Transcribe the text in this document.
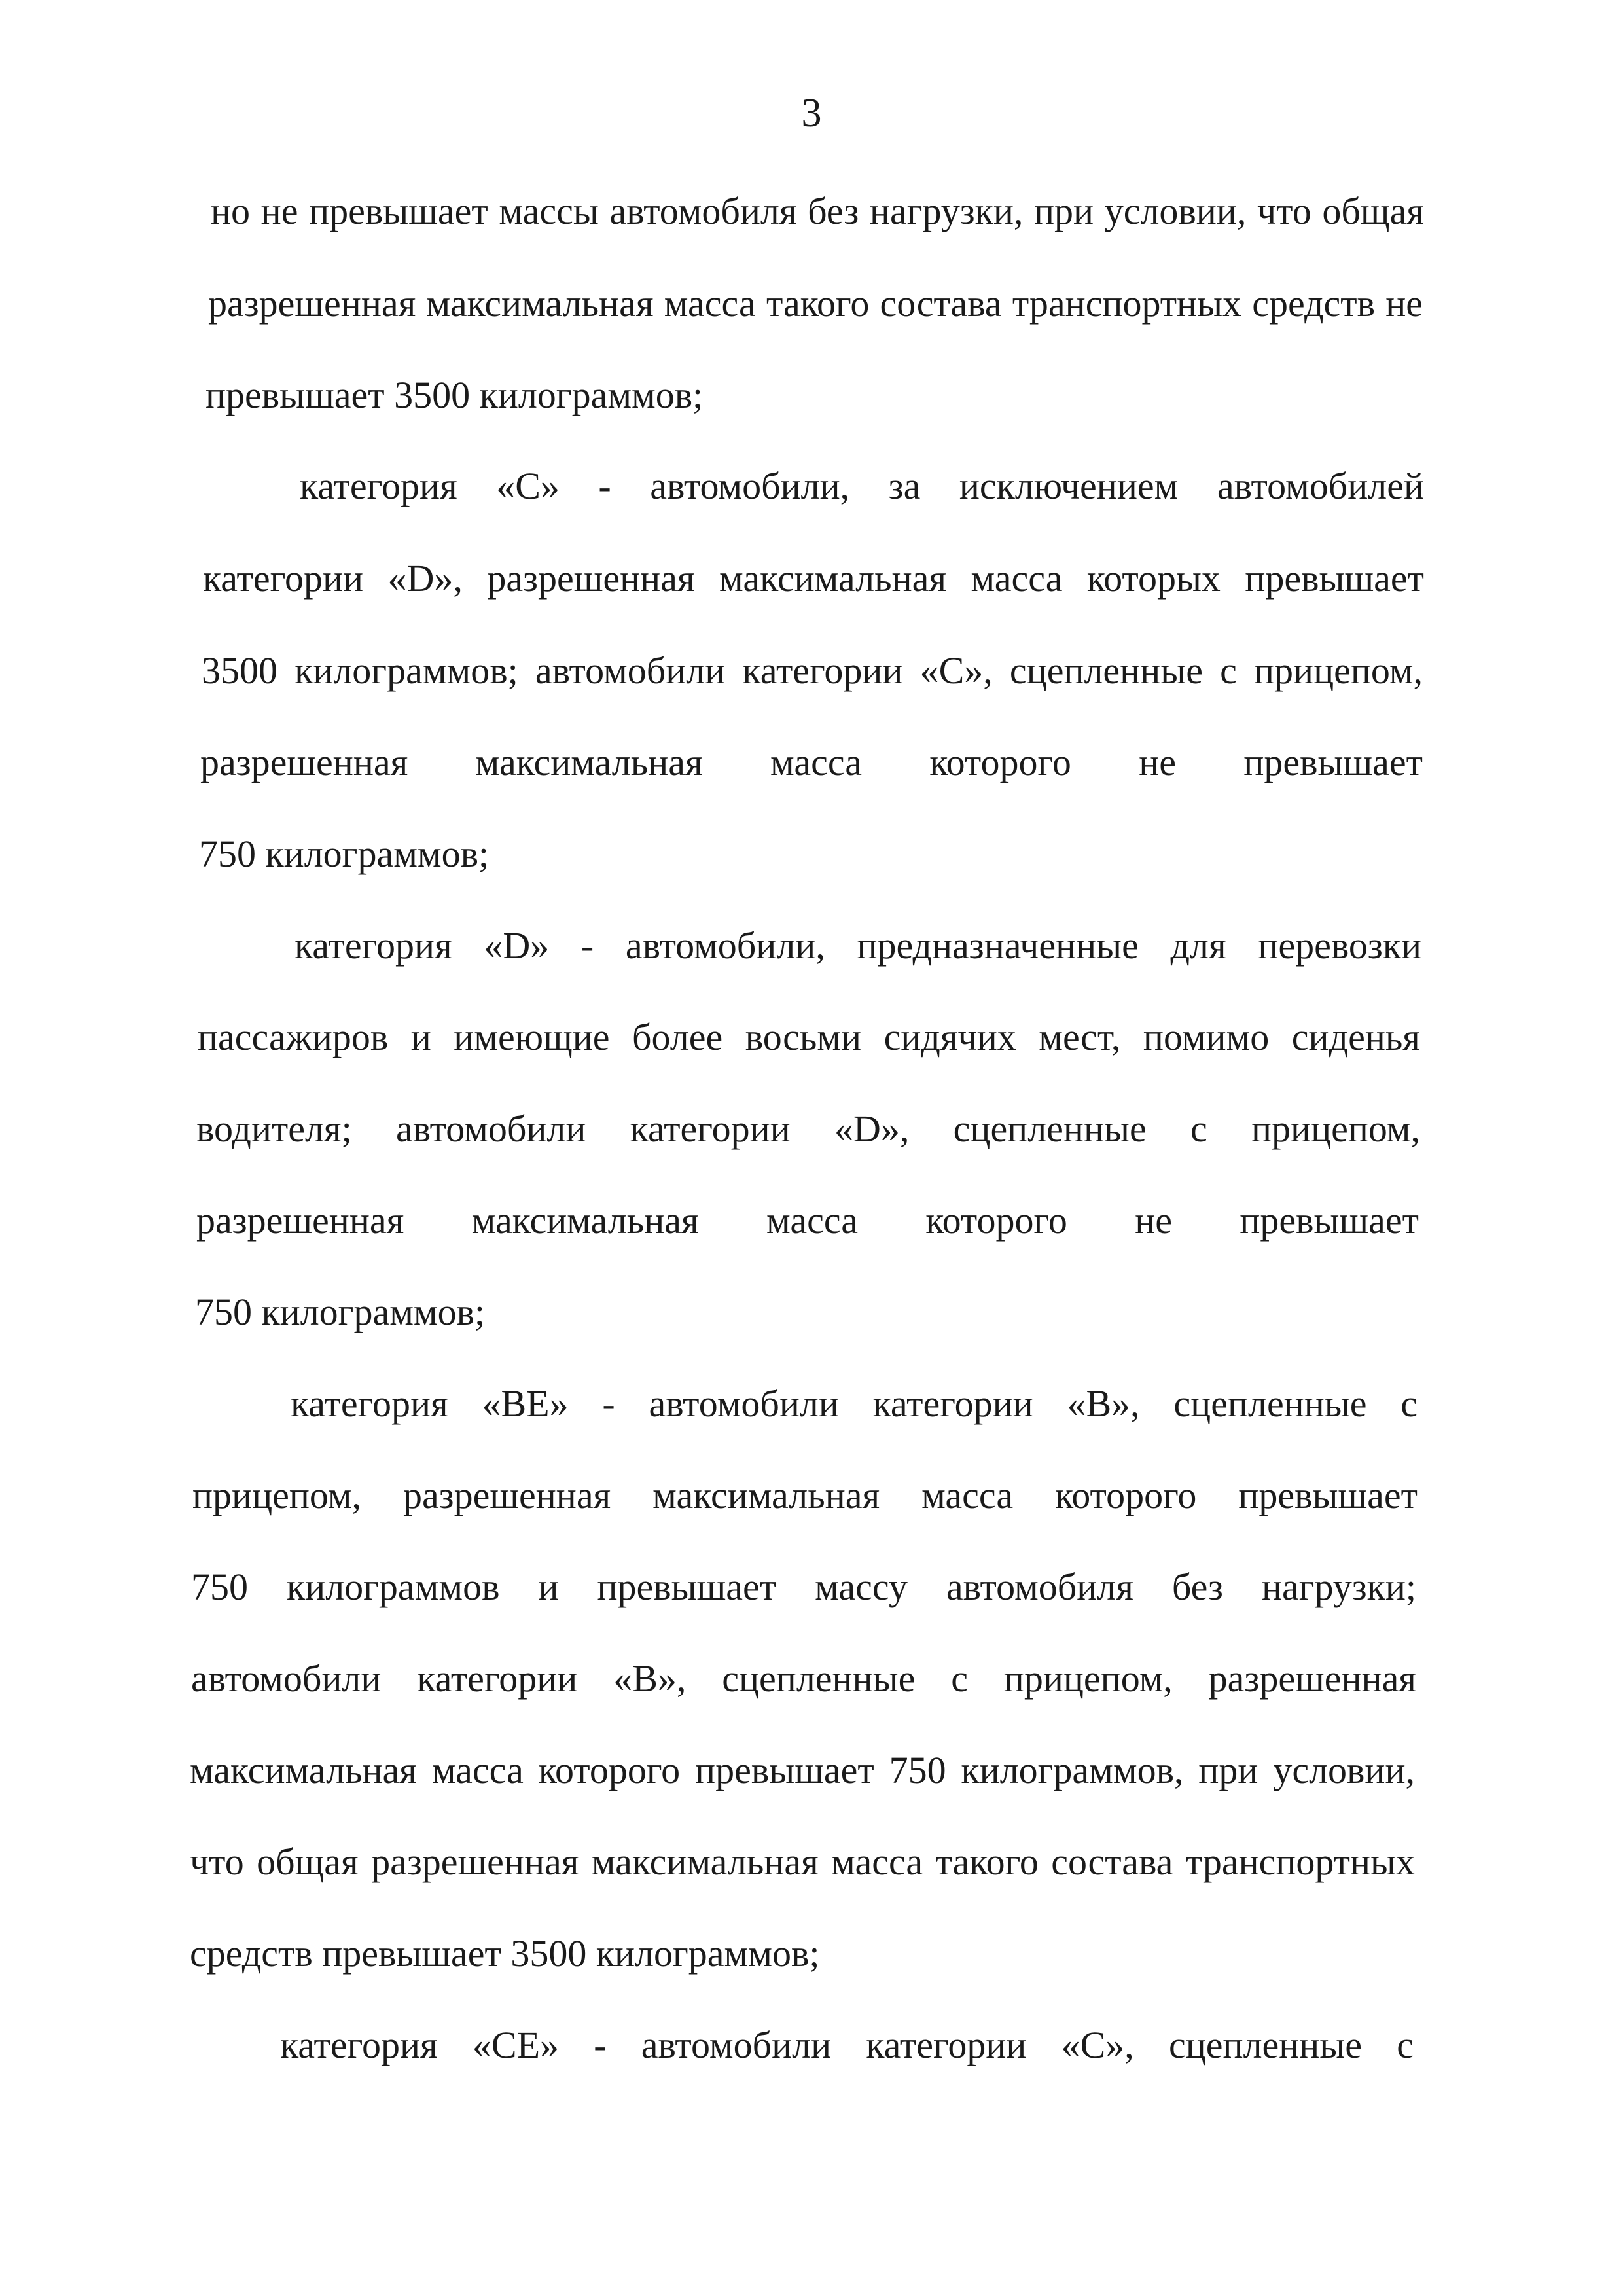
3

но не превышает массы автомобиля без нагрузки, при условии, что общая

разрешенная максимальная масса такого состава транспортных средств не

превышает 3500 килограммов;

категория «С» - автомобили, за исключением автомобилей

категории «D», разрешенная максимальная масса которых превышает

3500 килограммов; автомобили категории «С», сцепленные с прицепом,

разрешенная максимальная масса которого не превышает

750 килограммов;

категория «D» - автомобили, предназначенные для перевозки

пассажиров и имеющие более восьми сидячих мест, помимо сиденья

водителя; автомобили категории «D», сцепленные с прицепом,

разрешенная максимальная масса которого не превышает

750 килограммов;

категория «ВЕ» - автомобили категории «В», сцепленные с

прицепом, разрешенная максимальная масса которого превышает

750 килограммов и превышает массу автомобиля без нагрузки;

автомобили категории «В», сцепленные с прицепом, разрешенная

максимальная масса которого превышает 750 килограммов, при условии,

что общая разрешенная максимальная масса такого состава транспортных

средств превышает 3500 килограммов;

категория «СЕ» - автомобили категории «С», сцепленные с
